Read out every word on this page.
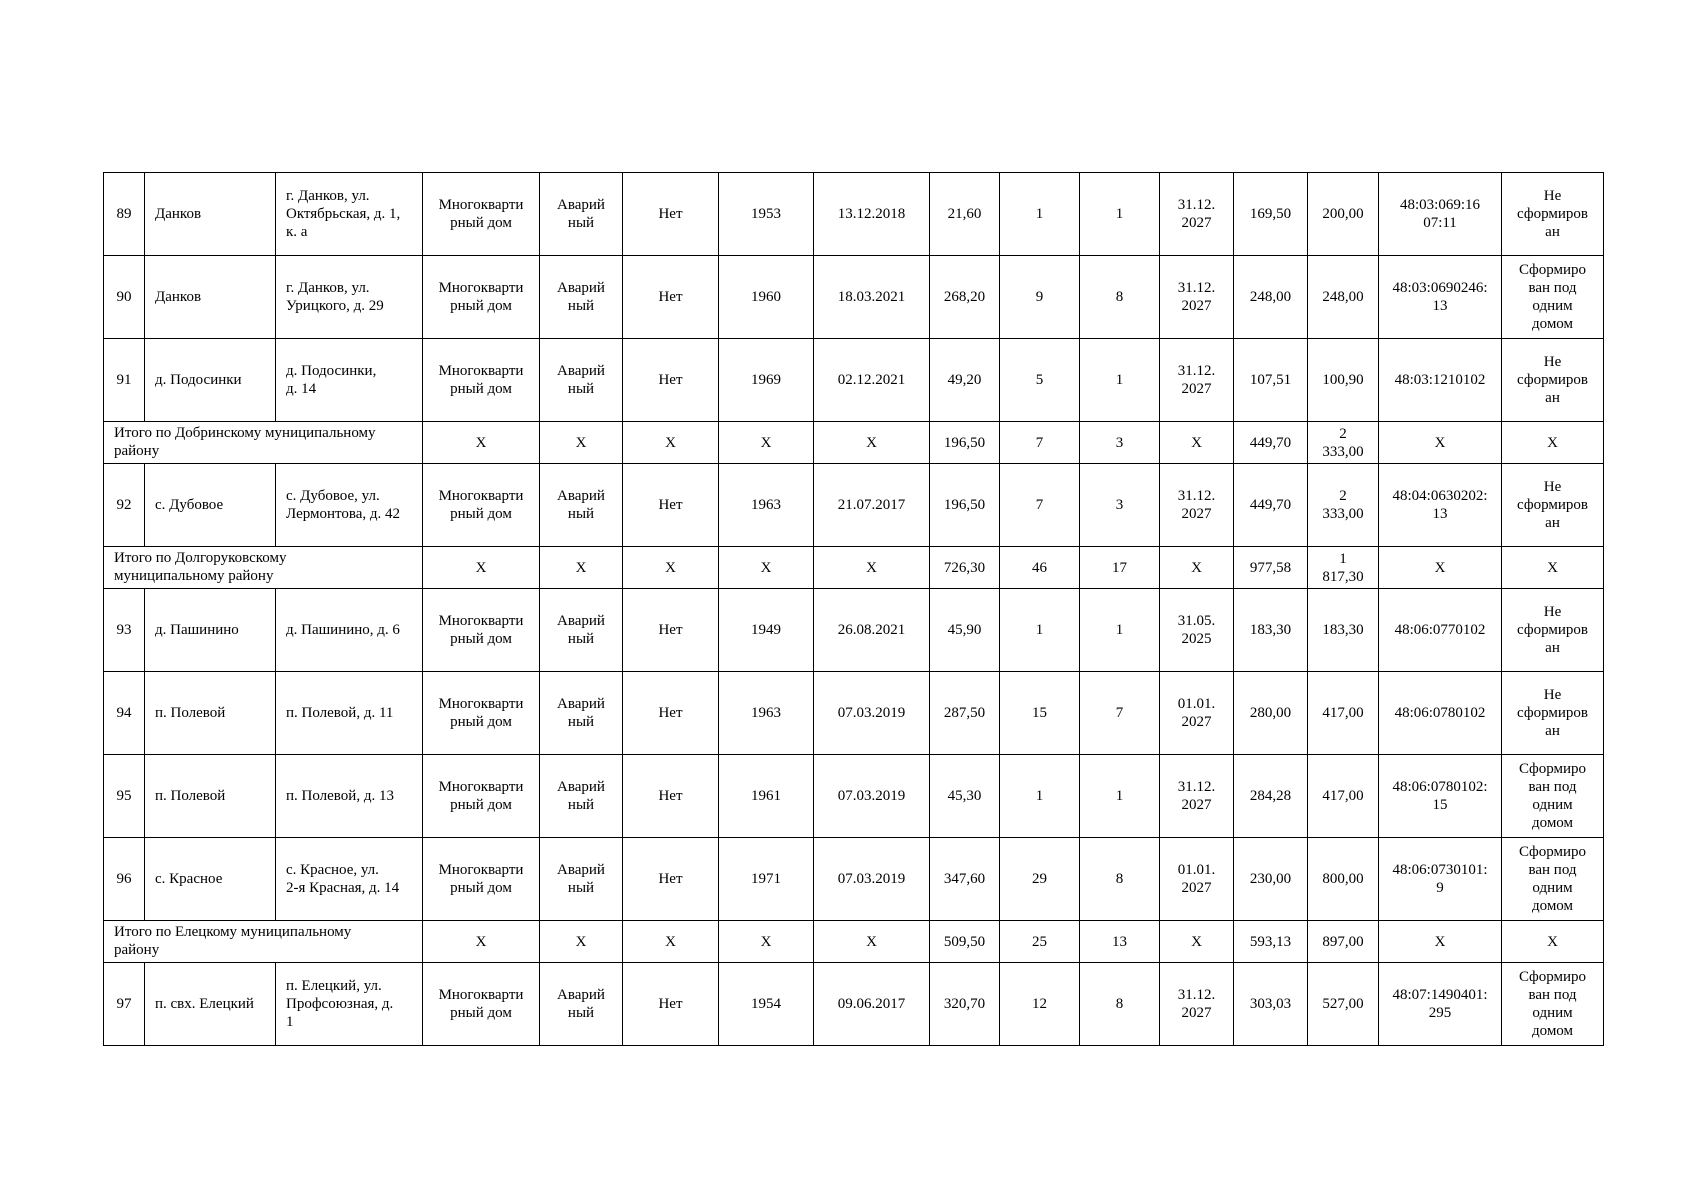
89	Данков	г. Данков, ул.
Октябрьская, д. 1,
к. а	Многокварти
рный дом	Аварий
ный	Нет	1953	13.12.2018	21,60	1	1	31.12.
2027	169,50	200,00	48:03:069:16
07:11	Не
сформиров
ан
90	Данков	г. Данков, ул.
Урицкого, д. 29	Многокварти
рный дом	Аварий
ный	Нет	1960	18.03.2021	268,20	9	8	31.12.
2027	248,00	248,00	48:03:0690246:
13	Сформиро
ван под
одним
домом
91	д. Подосинки	д. Подосинки,
д. 14	Многокварти
рный дом	Аварий
ный	Нет	1969	02.12.2021	49,20	5	1	31.12.
2027	107,51	100,90	48:03:1210102	Не
сформиров
ан
Итого по Добринскому муниципальному
району			X	X	X	X	X	196,50	7	3	X	449,70	2
333,00	X	X
92	с. Дубовое	с. Дубовое, ул.
Лермонтова, д. 42	Многокварти
рный дом	Аварий
ный	Нет	1963	21.07.2017	196,50	7	3	31.12.
2027	449,70	2
333,00	48:04:0630202:
13	Не
сформиров
ан
Итого по Долгоруковскому
муниципальному району			X	X	X	X	X	726,30	46	17	X	977,58	1
817,30	X	X
93	д. Пашинино	д. Пашинино, д. 6	Многокварти
рный дом	Аварий
ный	Нет	1949	26.08.2021	45,90	1	1	31.05.
2025	183,30	183,30	48:06:0770102	Не
сформиров
ан
94	п. Полевой	п. Полевой, д. 11	Многокварти
рный дом	Аварий
ный	Нет	1963	07.03.2019	287,50	15	7	01.01.
2027	280,00	417,00	48:06:0780102	Не
сформиров
ан
95	п. Полевой	п. Полевой, д. 13	Многокварти
рный дом	Аварий
ный	Нет	1961	07.03.2019	45,30	1	1	31.12.
2027	284,28	417,00	48:06:0780102:
15	Сформиро
ван под
одним
домом
96	с. Красное	с. Красное, ул.
2-я Красная, д. 14	Многокварти
рный дом	Аварий
ный	Нет	1971	07.03.2019	347,60	29	8	01.01.
2027	230,00	800,00	48:06:0730101:
9	Сформиро
ван под
одним
домом
Итого по Елецкому муниципальному
району			X	X	X	X	X	509,50	25	13	X	593,13	897,00	X	X
97	п. свх. Елецкий	п. Елецкий, ул.
Профсоюзная, д.
1	Многокварти
рный дом	Аварий
ный	Нет	1954	09.06.2017	320,70	12	8	31.12.
2027	303,03	527,00	48:07:1490401:
295	Сформиро
ван под
одним
домом
